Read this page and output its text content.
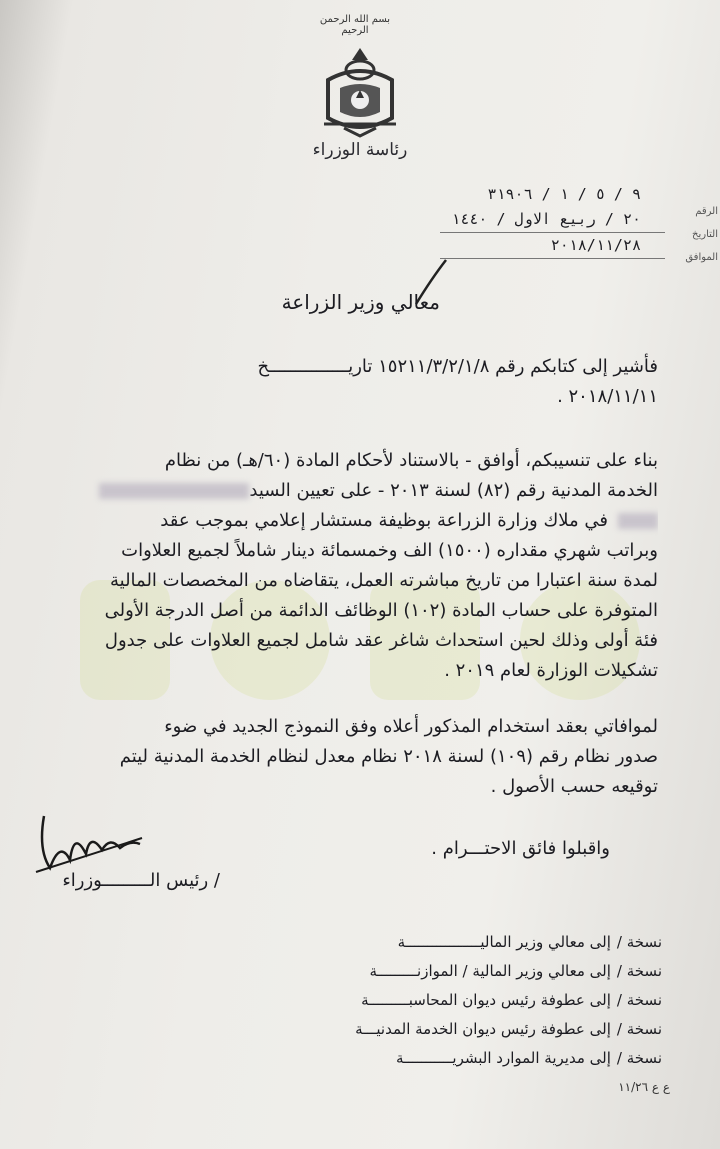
بسم الله الرحمن الرحيم
رئاسة الوزراء
الرقم
التاريخ
الموافق
٩ / ٥ / ١ / ٣١٩٠٦
٢٠ / ربيع الاول / ١٤٤٠
٢٠١٨/١١/٢٨
معالي وزير الزراعة
فأشير إلى كتابكم رقم ١٥٢١١/٣/٢/١/٨ تاريـــــــــــــــخ
٢٠١٨/١١/١١ .
بناء على تنسيبكم، أوافق - بالاستناد لأحكام المادة (٦٠/هـ) من نظام
الخدمة المدنية رقم (٨٢) لسنة ٢٠١٣ - على تعيين السيد
في ملاك وزارة الزراعة بوظيفة مستشار إعلامي بموجب عقد
وبراتب شهري مقداره (١٥٠٠) الف وخمسمائة دينار شاملاً لجميع العلاوات
لمدة سنة اعتبارا من تاريخ مباشرته العمل، يتقاضاه من المخصصات المالية
المتوفرة على حساب المادة (١٠٢) الوظائف الدائمة من أصل الدرجة الأولى
فئة أولى وذلك لحين استحداث شاغر عقد شامل لجميع العلاوات على جدول
تشكيلات الوزارة لعام ٢٠١٩ .
لموافاتي بعقد استخدام المذكور أعلاه وفق النموذج الجديد في ضوء
صدور نظام رقم (١٠٩) لسنة ٢٠١٨ نظام معدل لنظام الخدمة المدنية ليتم
توقيعه حسب الأصول .
واقبلوا فائق الاحتـــرام .
/ رئيس الـــــــــوزراء
نسخة /إلى معالي وزير الماليـــــــــــــــــة
نسخة /إلى معالي وزير المالية / الموازنـــــــــة
نسخة /إلى عطوفة رئيس ديوان المحاسبـــــــــة
نسخة /إلى عطوفة رئيس ديوان الخدمة المدنيـــة
نسخة /إلى مديرية الموارد البشريـــــــــــة
ع ع ١١/٢٦
